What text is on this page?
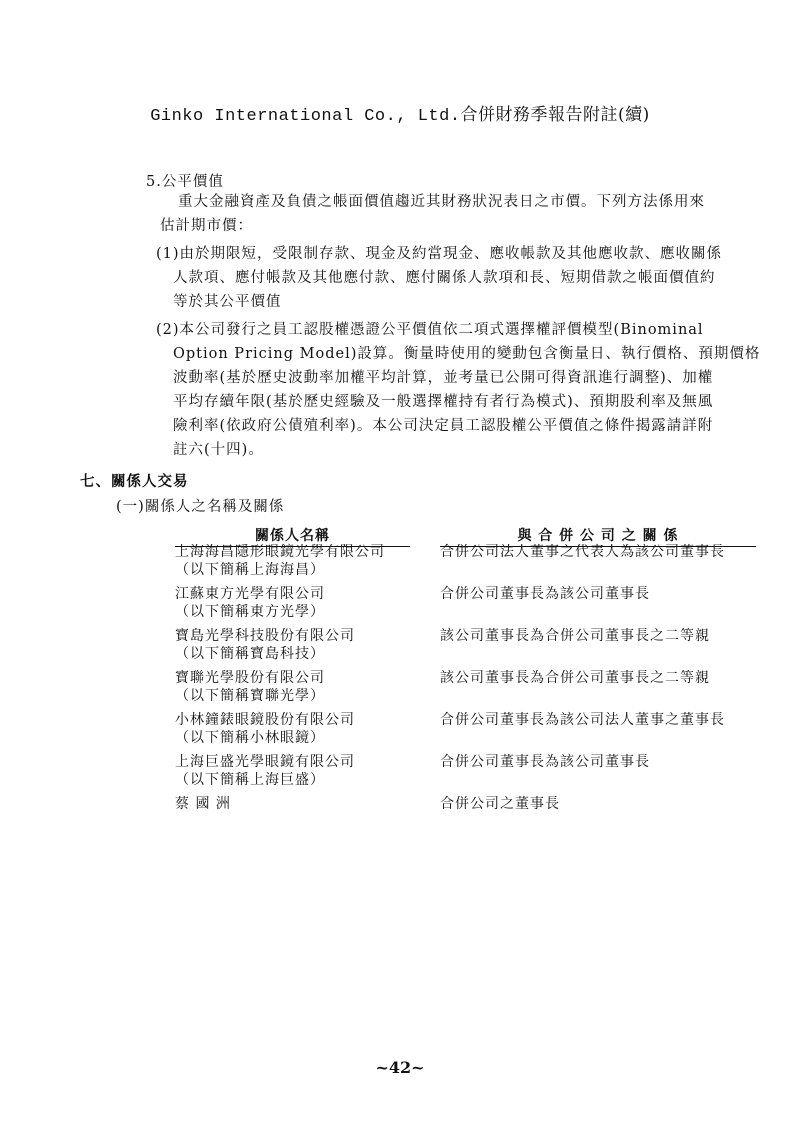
Ginko International Co., Ltd.合併財務季報告附註(續)
5.公平價值
重大金融資產及負債之帳面價值趨近其財務狀況表日之市價。下列方法係用來
估計期市價：
(1)由於期限短，受限制存款、現金及約當現金、應收帳款及其他應收款、應收關係
人款項、應付帳款及其他應付款、應付關係人款項和長、短期借款之帳面價值約
等於其公平價值
(2)本公司發行之員工認股權憑證公平價值依二項式選擇權評價模型(Binominal
Option Pricing Model)設算。衡量時使用的變動包含衡量日、執行價格、預期價格
波動率(基於歷史波動率加權平均計算，並考量已公開可得資訊進行調整)、加權
平均存續年限(基於歷史經驗及一般選擇權持有者行為模式)、預期股利率及無風
險利率(依政府公債殖利率)。本公司決定員工認股權公平價值之條件揭露請詳附
註六(十四)。
七、關係人交易
(一)關係人之名稱及關係
關係人名稱	與 合 併 公 司 之 關 係
上海海昌隱形眼鏡光學有限公司
（以下簡稱上海海昌）
合併公司法人董事之代表人為該公司董事長
江蘇東方光學有限公司
（以下簡稱東方光學）
合併公司董事長為該公司董事長
寶島光學科技股份有限公司
（以下簡稱寶島科技）
該公司董事長為合併公司董事長之二等親
寶聯光學股份有限公司
（以下簡稱寶聯光學）
該公司董事長為合併公司董事長之二等親
小林鐘錶眼鏡股份有限公司
（以下簡稱小林眼鏡）
合併公司董事長為該公司法人董事之董事長
上海巨盛光學眼鏡有限公司
（以下簡稱上海巨盛）
合併公司董事長為該公司董事長
蔡 國 洲	合併公司之董事長
~42~
